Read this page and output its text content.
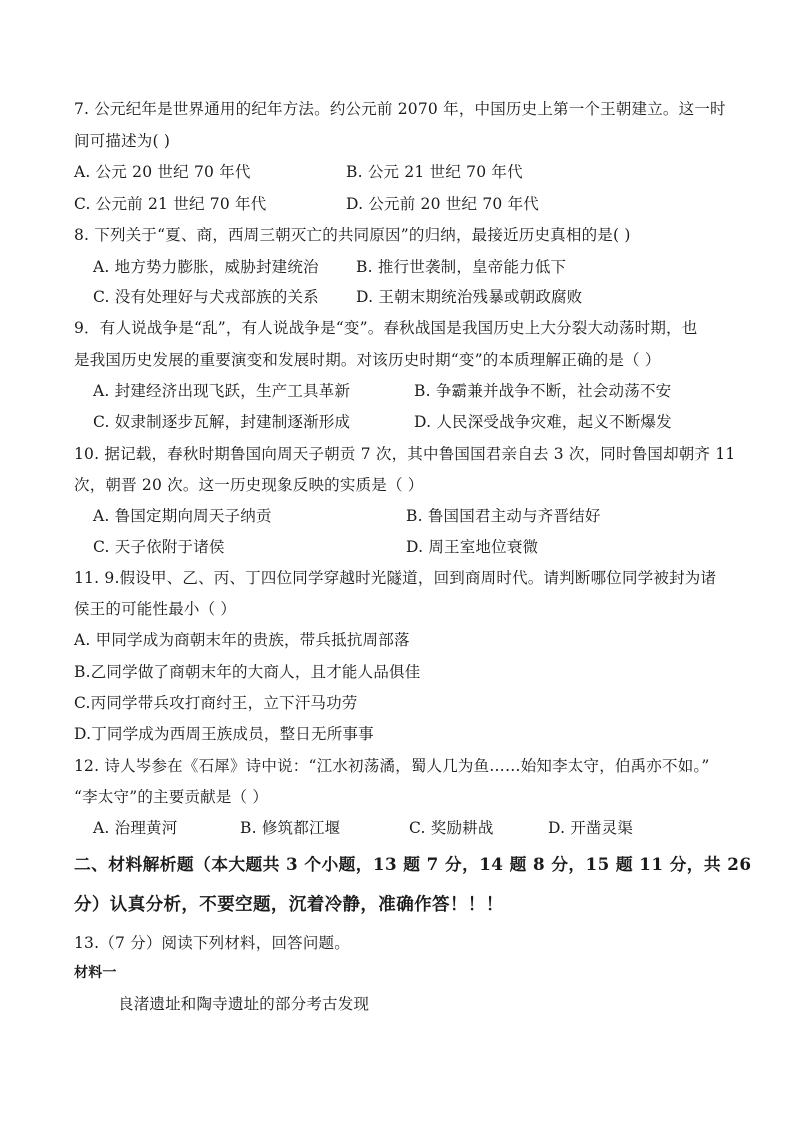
7. 公元纪年是世界通用的纪年方法。约公元前 2070 年，中国历史上第一个王朝建立。这一时
间可描述为( )
A. 公元 20 世纪 70 年代	B. 公元 21 世纪 70 年代
C. 公元前 21 世纪 70 年代	D. 公元前 20 世纪 70 年代
8. 下列关于“夏、商，西周三朝灭亡的共同原因”的归纳，最接近历史真相的是( )
A. 地方势力膨胀，威胁封建统治 B. 推行世袭制，皇帝能力低下
C. 没有处理好与犬戎部族的关系 D. 王朝末期统治残暴或朝政腐败
9．有人说战争是“乱”，有人说战争是“变”。春秋战国是我国历史上大分裂大动荡时期，也
是我国历史发展的重要演变和发展时期。对该历史时期“变”的本质理解正确的是（ ）
A. 封建经济出现飞跃，生产工具革新	B. 争霸兼并战争不断，社会动荡不安
C. 奴隶制逐步瓦解，封建制逐渐形成	D. 人民深受战争灾难，起义不断爆发
10. 据记载，春秋时期鲁国向周天子朝贡 7 次，其中鲁国国君亲自去 3 次，同时鲁国却朝齐 11
次，朝晋 20 次。这一历史现象反映的实质是（ ）
A. 鲁国定期向周天子纳贡	B. 鲁国国君主动与齐晋结好
C. 天子依附于诸侯	D. 周王室地位衰微
11. 9.假设甲、乙、丙、丁四位同学穿越时光隧道，回到商周时代。请判断哪位同学被封为诸
侯王的可能性最小（ ）
A. 甲同学成为商朝末年的贵族，带兵抵抗周部落
B.乙同学做了商朝末年的大商人，且才能人品俱佳
C.丙同学带兵攻打商纣王，立下汗马功劳
D.丁同学成为西周王族成员，整日无所事事
12. 诗人岑参在《石犀》诗中说：“江水初荡潏，蜀人几为鱼……始知李太守，伯禹亦不如。”
“李太守”的主要贡献是（ ）
A. 治理黄河	B. 修筑都江堰	C. 奖励耕战	D. 开凿灵渠
二、材料解析题（本大题共 3 个小题，13 题 7 分，14 题 8 分，15 题 11 分，共 26
分）认真分析，不要空题，沉着冷静，准确作答！！！
13.（7 分）阅读下列材料，回答问题。
材料一
良渚遗址和陶寺遗址的部分考古发现
